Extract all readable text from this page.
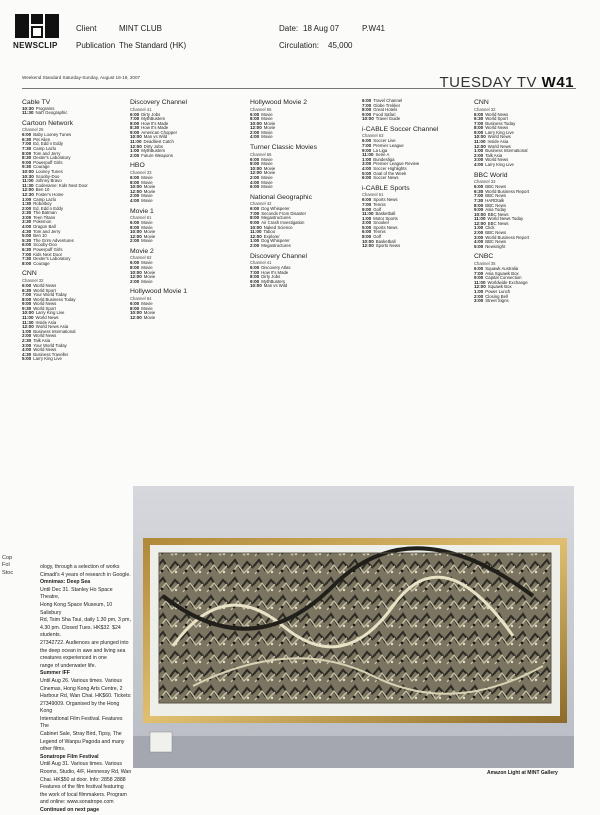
NEWSCLIP
Client	MINT CLUB
Publication The Standard (HK)
Date: 18 Aug 07	P.W41
Circulation: 45,000
Weekend Standard Saturday-Sunday, August 18-19, 2007	TUESDAY TV W41
Cable TV
10:30 Programs
11:30 Nat'l Geographic
Cartoon Network
Channel 25
6:00 Baby Looney Tunes
6:30 Pet Alien
7:00 Ed, Edd n Eddy
7:30 Camp Lazlo
8:00 Tom and Jerry
8:30 Dexter's Laboratory
9:00 Powerpuff Girls
9:30 Courage
10:00 Looney Tunes
10:30 Scooby-Doo
11:00 Johnny Bravo
11:30 Codename: Kids Next Door
12:00 Ben 10
12:30 Foster's Home
1:00 Camp Lazlo
1:30 Robotboy
2:00 Ed, Edd n Eddy
2:30 The Batman
3:00 Teen Titans
3:30 Pokemon
4:00 Dragon Ball
4:30 Tom and Jerry
5:00 Ben 10
5:30 The Grim Adventures
6:00 Scooby-Doo
6:30 Powerpuff Girls
7:00 Kids Next Door
7:30 Dexter's Laboratory
8:00 Courage
CNN
Channel 32
6:00 World News
6:30 World Sport
7:00 Your World Today
8:00 World Business Today
9:00 World News
9:30 World Sport
10:00 Larry King Live
11:00 World News
11:30 Inside Asia
12:00 World News Asia
1:00 Business International
2:00 World News
2:30 Talk Asia
3:00 Your World Today
4:00 World News
4:30 Business Traveller
5:00 Larry King Live
Discovery Channel
Channel 41
6:00 Dirty Jobs
7:00 MythBusters
8:00 How It's Made
8:30 How It's Made
9:00 American Chopper
10:00 Man vs Wild
11:00 Deadliest Catch
12:00 Dirty Jobs
1:00 MythBusters
2:00 Future Weapons
HBO
Channel 33
6:00 Movie
8:00 Movie
10:00 Movie
12:00 Movie
2:00 Movie
4:00 Movie
Movie 1
Channel 61
6:00 Movie
8:00 Movie
10:00 Movie
12:00 Movie
2:00 Movie
Movie 2
Channel 62
6:00 Movie
8:00 Movie
10:00 Movie
12:00 Movie
2:00 Movie
Hollywood Movie 1
Channel 64
6:00 Movie
8:00 Movie
10:00 Movie
12:00 Movie
Hollywood Movie 2
Channel 65
6:00 Movie
8:00 Movie
10:00 Movie
12:00 Movie
2:00 Movie
4:00 Movie
Turner Classic Movies
Channel 66
6:00 Movie
8:00 Movie
10:00 Movie
12:00 Movie
2:00 Movie
4:00 Movie
6:00 Movie
National Geographic
Channel 42
6:00 Dog Whisperer
7:00 Seconds From Disaster
8:00 Megastructures
9:00 Air Crash Investigation
10:00 Naked Science
11:00 Taboo
12:00 Explorer
1:00 Dog Whisperer
2:00 Megastructures
Discovery Channel
Channel 41
6:00 Discovery Atlas
7:00 How It's Made
8:00 Dirty Jobs
9:00 MythBusters
10:00 Man vs Wild
6:00 Travel Channel
7:00 Globe Trekker
8:00 Great Hotels
9:00 Food Safari
10:00 Travel Guide
i-CABLE Soccer Channel
Channel 63
6:00 Soccer Live
7:00 Premier League
9:00 La Liga
11:00 Serie A
1:00 Bundesliga
3:00 Premier League Review
4:00 Soccer Highlights
5:00 Goal of the Week
6:00 Soccer News
i-CABLE Sports
Channel 61
6:00 Sports News
7:00 Tennis
9:00 Golf
11:00 Basketball
1:00 Motor Sports
3:00 Snooker
5:00 Sports News
6:00 Tennis
8:00 Golf
10:00 Basketball
12:00 Sports News
CNN
Channel 32
6:00 World News
6:30 World Sport
7:00 Business Today
8:00 World News
9:00 Larry King Live
10:00 World News
11:00 Inside Asia
12:00 World News
1:00 Business International
2:00 Talk Asia
3:00 World News
4:00 Larry King Live
BBC World
Channel 33
6:00 BBC News
6:30 World Business Report
7:00 BBC News
7:30 HARDtalk
8:00 BBC News
9:00 Asia Today
10:00 BBC News
11:00 World News Today
12:00 BBC News
1:00 Click
2:00 BBC News
3:00 World Business Report
4:00 BBC News
5:00 Newsnight
CNBC
Channel 35
6:00 Squawk Australia
7:00 Asia Squawk Box
9:00 Capital Connection
11:00 Worldwide Exchange
12:00 Squawk Box
1:00 Power Lunch
2:00 Closing Bell
3:00 Street Signs
Cop
Fol
Stoc
ology, through a selection of works
Cimadi's 4 years of research in Google.
Omnimax: Deep Sea
Until Dec 31. Stanley Ho Space Theatre,
Hong Kong Space Museum, 10 Salisbury
Rd, Tsim Sha Tsui, daily 1.30 pm, 3 pm,
4.30 pm. Closed Tues. HK$32. $24 students.
27342722. Audiences are plunged into
the deep ocean in awe and living sea
creatures experienced in one
range of underwater life.
Summer IFF
Until Aug 26. Various times. Various
Cinemas, Hong Kong Arts Centre, 2
Harbour Rd, Wan Chai. HK$60. Tickets:
27349009. Organised by the Hong Kong
International Film Festival. Features The
Cabinet Sale, Stray Bird, Tipsy, The
Legend of Wanpu Pagoda and many
other films.
Sonatrope Film Festival
Until Aug 31. Various times. Various
Rooms, Studio, 4/F, Hennessy Rd, Wan
Chai. HK$50 at door. Info: 2858 2888
Features of the film festival featuring
the work of local filmmakers. Program
and online: www.sonatrope.com
Continued on next page
Amazon Light at MINT Gallery
